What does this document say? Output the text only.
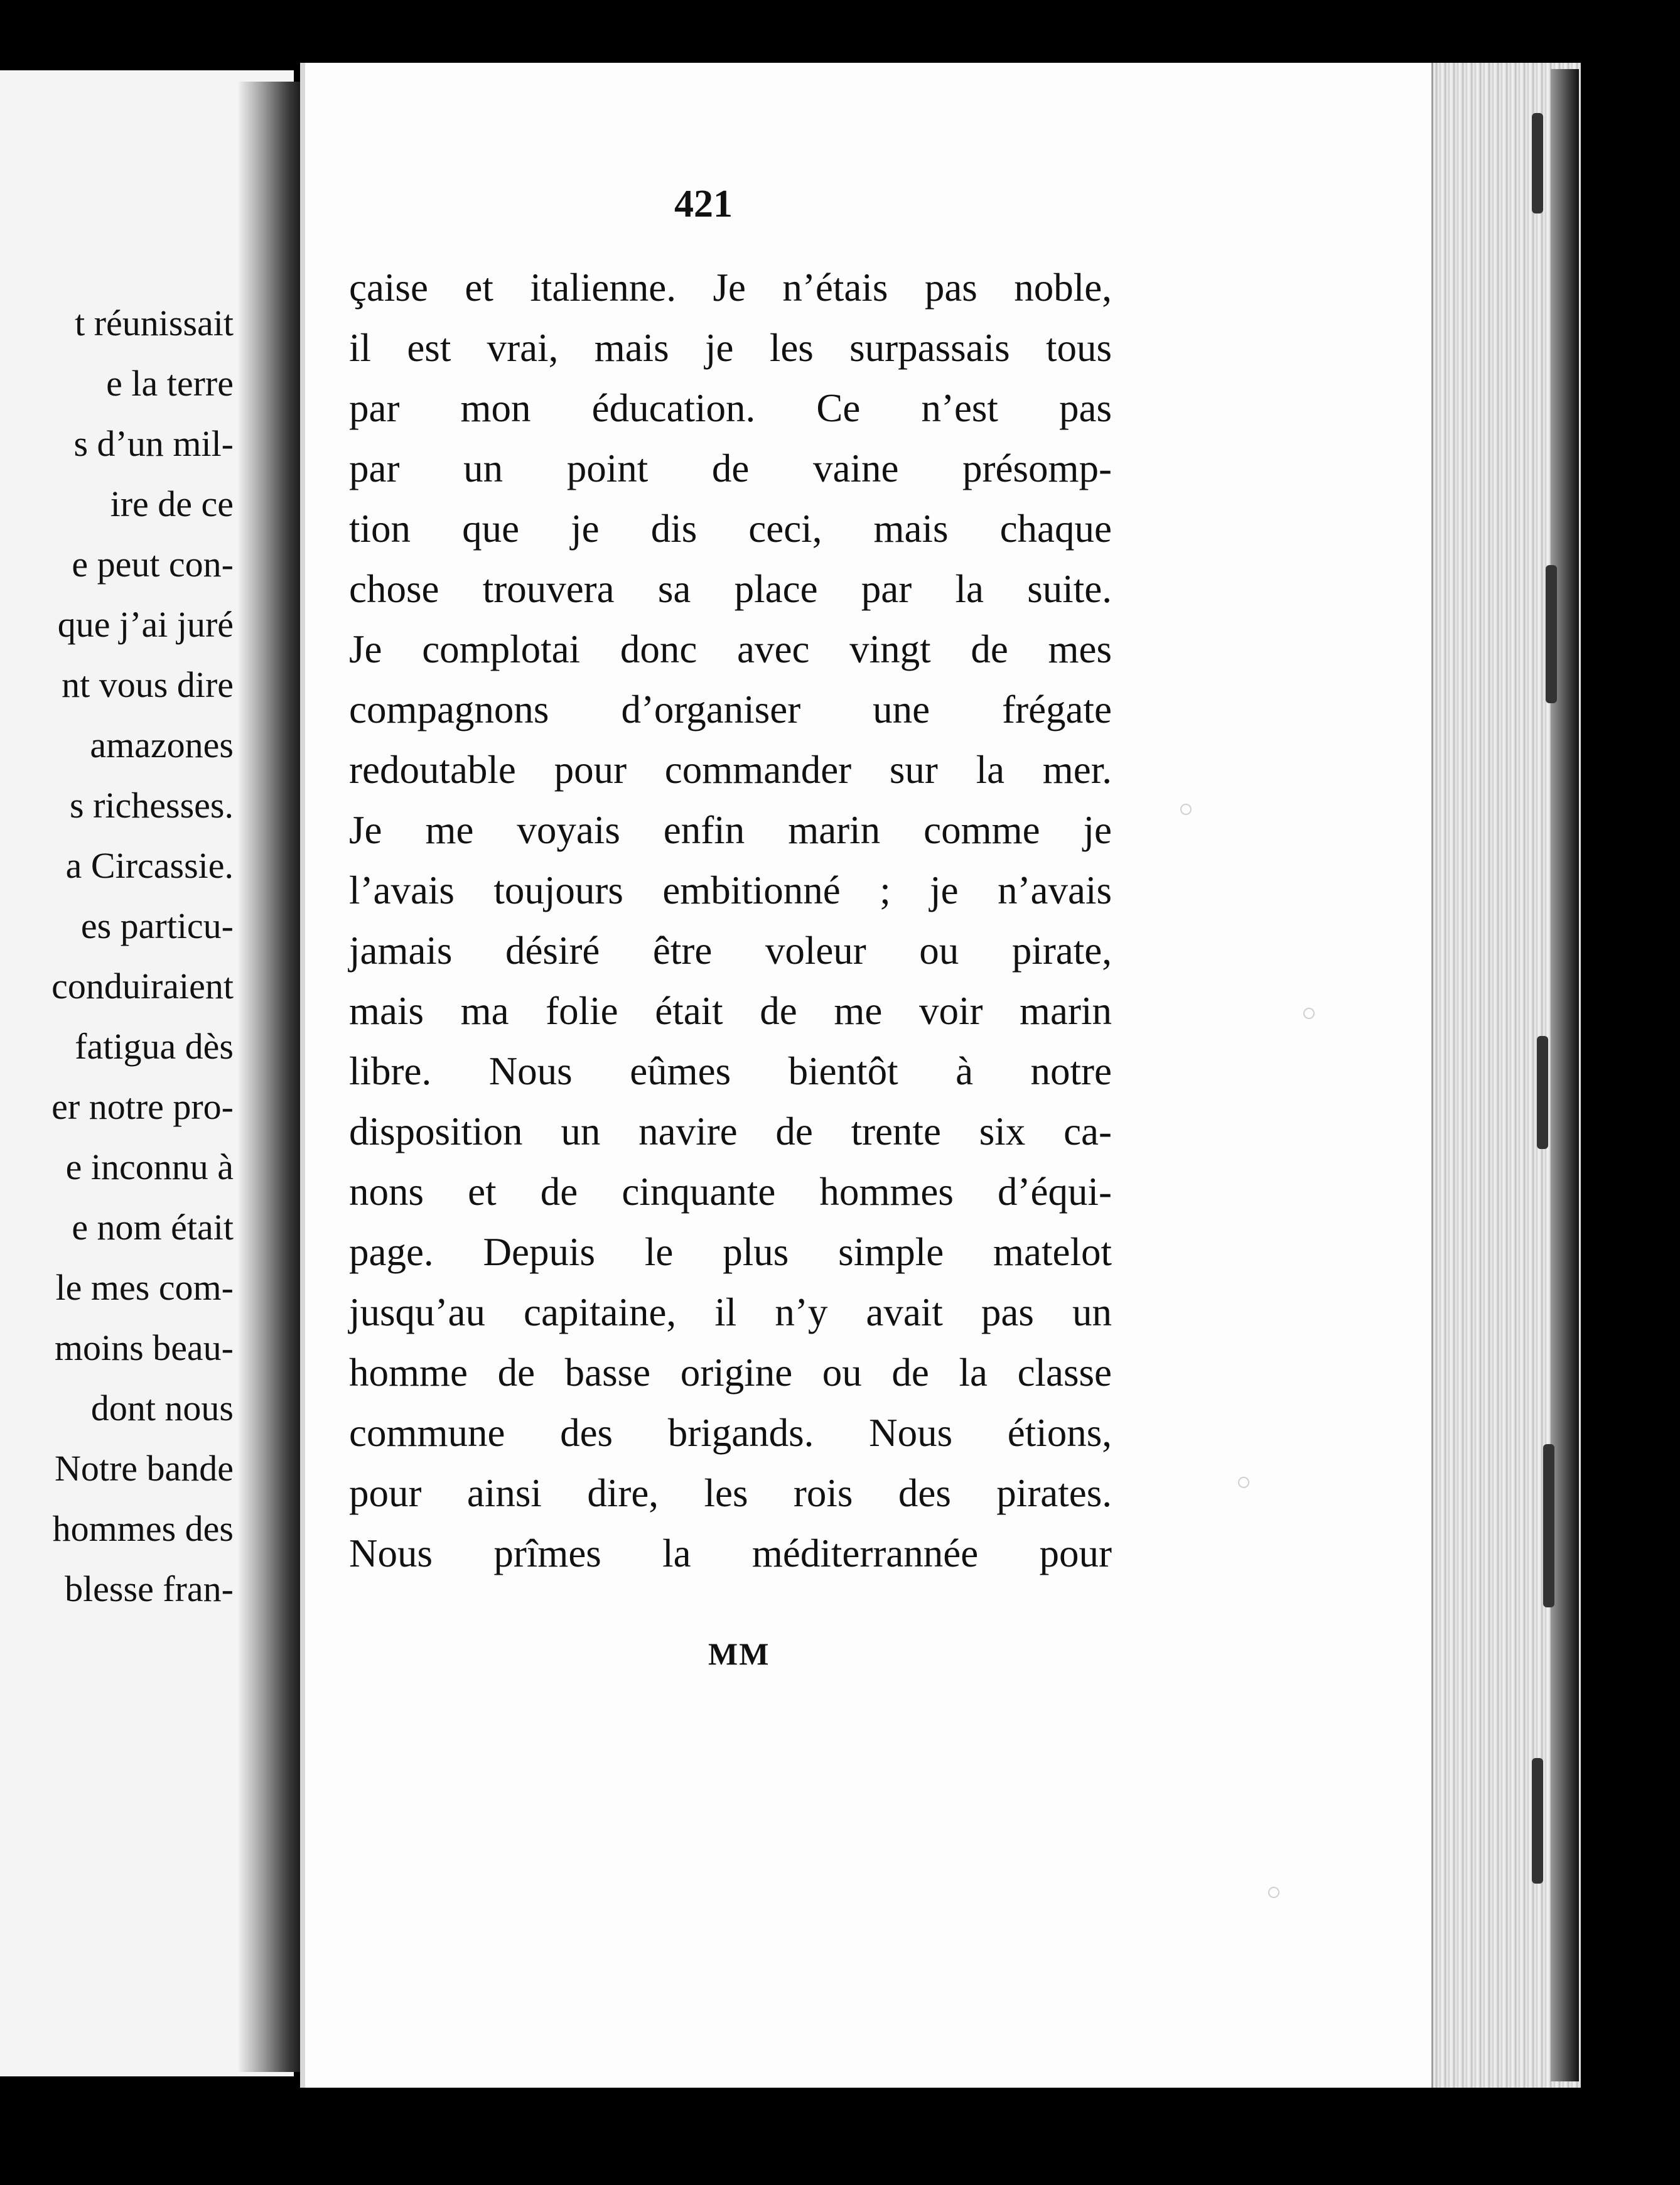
t réunissait
e la terre
s d’un mil-
ire de ce
e peut con-
que j’ai juré
nt vous dire
amazones
s richesses.
a Circassie.
es particu-
conduiraient
fatigua dès
er notre pro-
e inconnu à
e nom était
le mes com-
moins beau-
dont nous
Notre bande
hommes des
blesse fran-
421
çaise et italienne. Je n’étais pas noble,
il est vrai, mais je les surpassais tous
par mon éducation. Ce n’est pas
par un point de vaine présomp-
tion que je dis ceci, mais chaque
chose trouvera sa place par la suite.
Je complotai donc avec vingt de mes
compagnons d’organiser une frégate
redoutable pour commander sur la mer.
Je me voyais enfin marin comme je
l’avais toujours embitionné ; je n’avais
jamais désiré être voleur ou pirate,
mais ma folie était de me voir marin
libre. Nous eûmes bientôt à notre
disposition un navire de trente six ca-
nons et de cinquante hommes d’équi-
page. Depuis le plus simple matelot
jusqu’au capitaine, il n’y avait pas un
homme de basse origine ou de la classe
commune des brigands. Nous étions,
pour ainsi dire, les rois des pirates.
Nous prîmes la méditerrannée pour
MM
